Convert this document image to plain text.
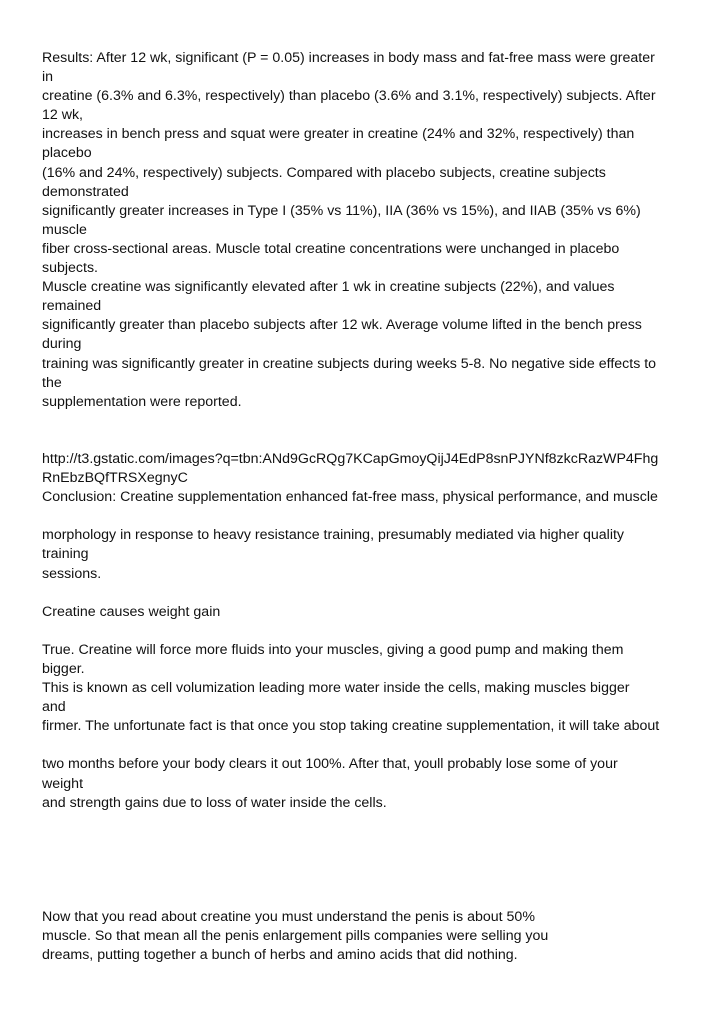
Results: After 12 wk, significant (P = 0.05) increases in body mass and fat-free mass were greater
in
creatine (6.3% and 6.3%, respectively) than placebo (3.6% and 3.1%, respectively) subjects. After
12 wk,
increases in bench press and squat were greater in creatine (24% and 32%, respectively) than
placebo
(16% and 24%, respectively) subjects. Compared with placebo subjects, creatine subjects
demonstrated
significantly greater increases in Type I (35% vs 11%), IIA (36% vs 15%), and IIAB (35% vs 6%)
muscle
fiber cross-sectional areas. Muscle total creatine concentrations were unchanged in placebo
subjects.
Muscle creatine was significantly elevated after 1 wk in creatine subjects (22%), and values
remained
significantly greater than placebo subjects after 12 wk. Average volume lifted in the bench press
during
training was significantly greater in creatine subjects during weeks 5-8. No negative side effects to
the
supplementation were reported.
http://t3.gstatic.com/images?q=tbn:ANd9GcRQg7KCapGmoyQijJ4EdP8snPJYNf8zkcRazWP4Fhg
RnEbzBQfTRSXegnyC
Conclusion: Creatine supplementation enhanced fat-free mass, physical performance, and muscle
morphology in response to heavy resistance training, presumably mediated via higher quality
training
sessions.
Creatine causes weight gain
True. Creatine will force more fluids into your muscles, giving a good pump and making them
bigger.
This is known as cell volumization leading more water inside the cells, making muscles bigger
and
firmer. The unfortunate fact is that once you stop taking creatine supplementation, it will take about
two months before your body clears it out 100%. After that, youll probably lose some of your
weight
and strength gains due to loss of water inside the cells.
Now that you read about creatine you must understand the penis is about 50%
muscle. So that mean all the penis enlargement pills companies were selling you
dreams, putting together a bunch of herbs and amino acids that did nothing.
